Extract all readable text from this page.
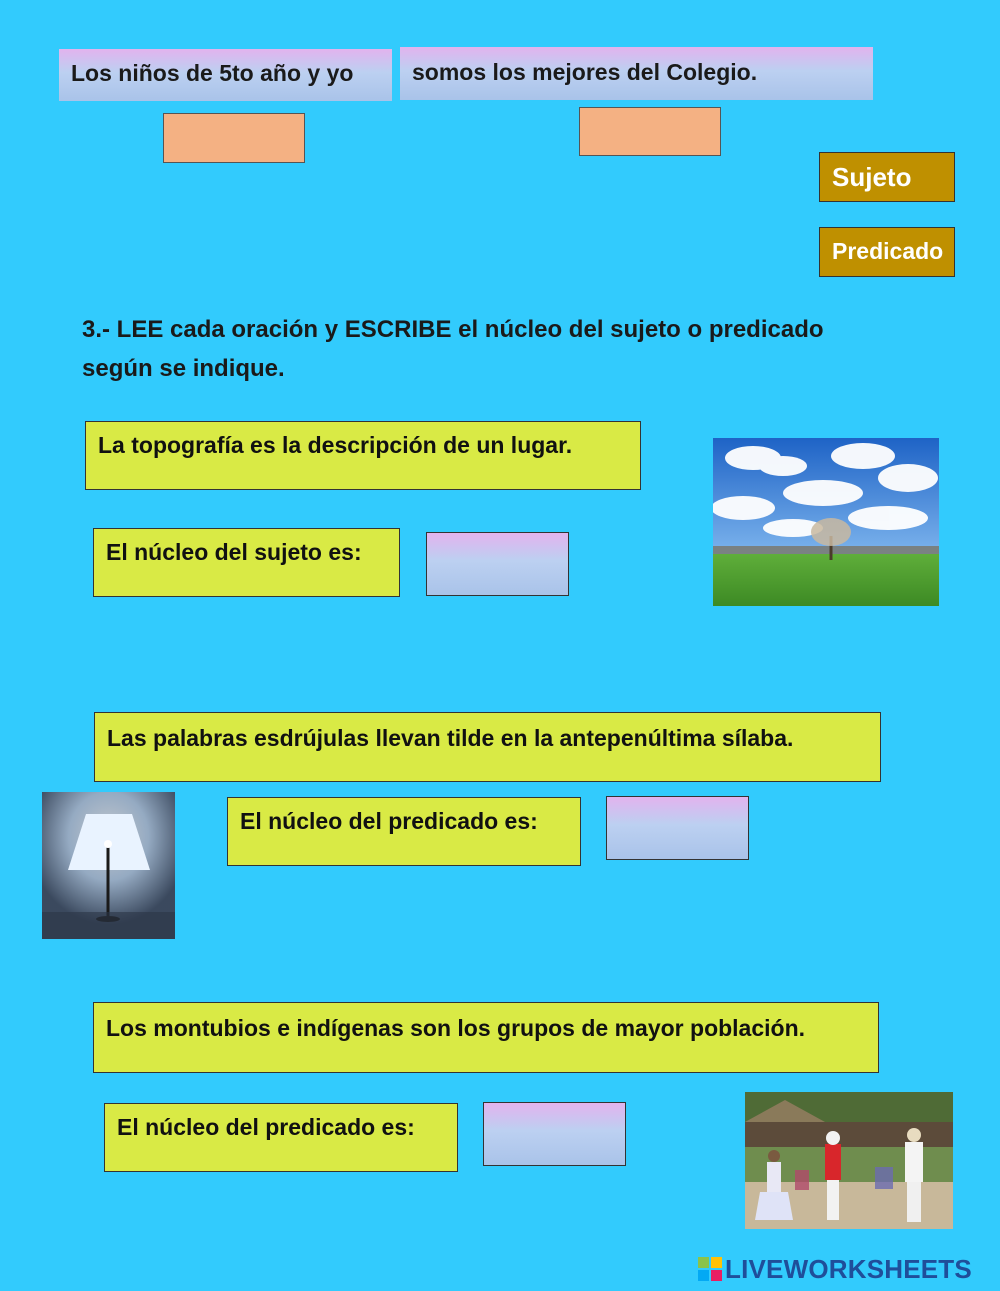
Los niños de 5to año y yo	somos los mejores del Colegio.
Sujeto
Predicado
3.- LEE cada oración y ESCRIBE el núcleo del sujeto o predicado
según se indique.
La topografía es la descripción de un lugar.
El núcleo del sujeto es:
Las palabras esdrújulas llevan tilde en la antepenúltima sílaba.
El núcleo del predicado es:
Los montubios e indígenas son los grupos de mayor población.
El núcleo del predicado es:
LIVEWORKSHEETS
